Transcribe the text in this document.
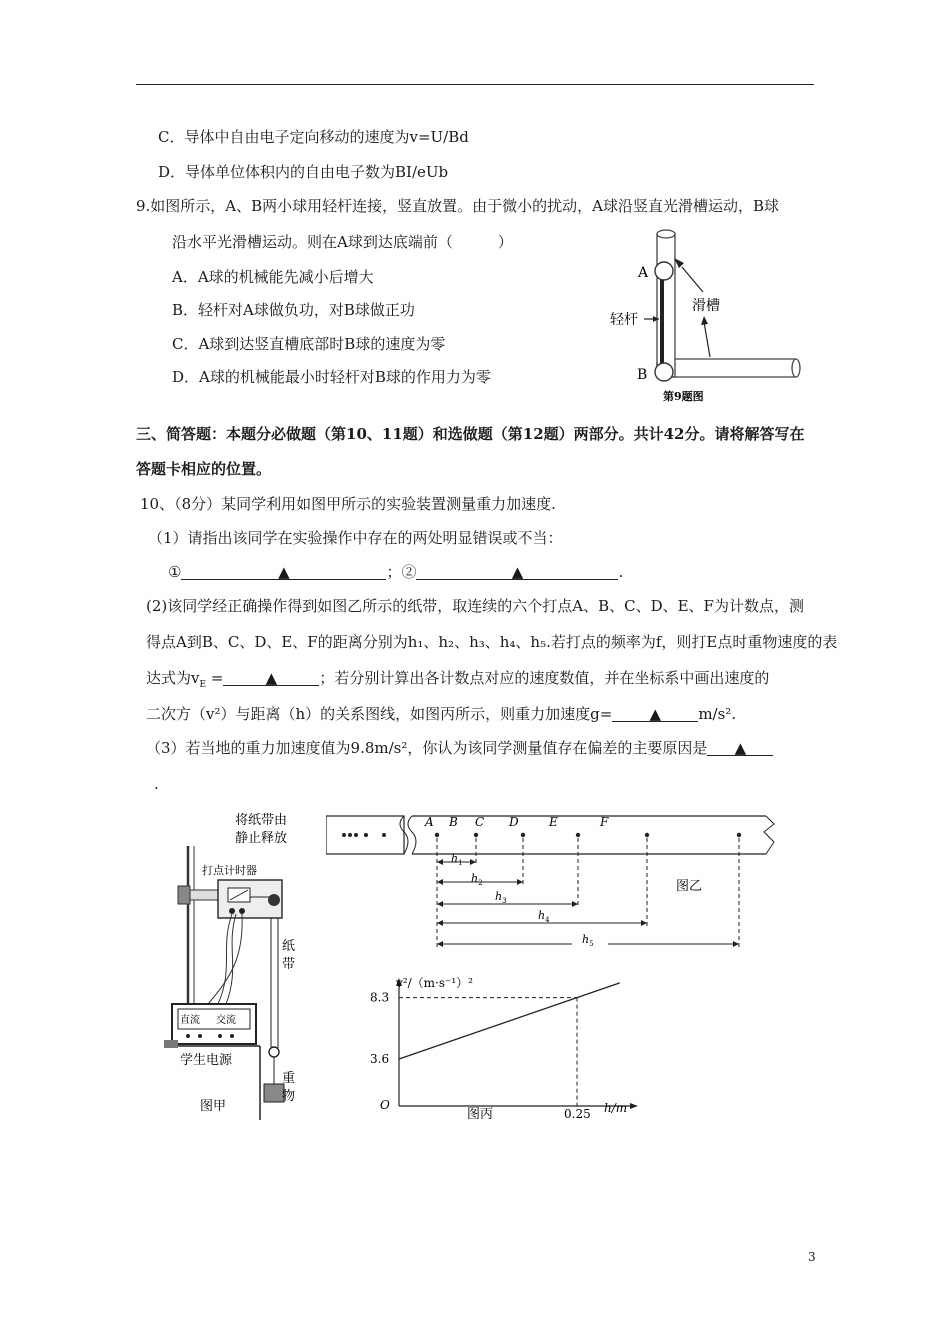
C．导体中自由电子定向移动的速度为v=U/Bd
D．导体单位体积内的自由电子数为BI/eUb
9.如图所示，A、B两小球用轻杆连接，竖直放置。由于微小的扰动，A球沿竖直光滑槽运动，B球
沿水平光滑槽运动。则在A球到达底端前（　　　）
A．A球的机械能先减小后增大
B．轻杆对A球做负功，对B球做正功
C．A球到达竖直槽底部时B球的速度为零
D．A球的机械能最小时轻杆对B球的作用力为零
A
B
轻杆
滑槽
第9题图
三、简答题：本题分必做题（第10、11题）和选做题（第12题）两部分。共计42分。请将解答写在
答题卡相应的位置。
10、（8分）某同学利用如图甲所示的实验装置测量重力加速度.
（1）请指出该同学在实验操作中存在的两处明显错误或不当：
①	▲	；②	▲	.
(2)该同学经正确操作得到如图乙所示的纸带，取连续的六个打点A、B、C、D、E、F为计数点，测
得点A到B、C、D、E、F的距离分别为h₁、h₂、h₃、h₄、h₅.若打点的频率为f，则打E点时重物速度的表
达式为$v_E$ =	▲	；若分别计算出各计数点对应的速度数值，并在坐标系中画出速度的
二次方（v²）与距离（h）的关系图线，如图丙所示，则重力加速度g= ▲ m/s².
（3）若当地的重力加速度值为9.8m/s²，你认为该同学测量值存在偏差的主要原因是 ▲
.
将纸带由
静止释放
打点计时器
纸
带
直流 交流
学生电源
重
物
图甲
A B C D	E	F
$h_1$
$h_2$
$h_3$
$h_4$
$h_5$
图乙
v²/（m·s⁻¹）²
h/m
O
图丙
3.6
8.3
0.25
3
